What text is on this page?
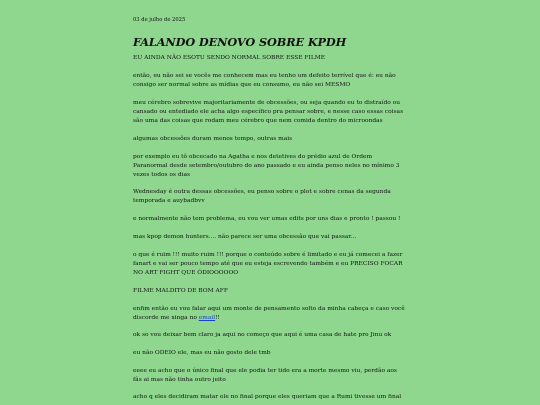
03 de julho de 2025
FALANDO DENOVO SOBRE KPDH

EU AINDA NÃO ESOTU SENDO NORMAL SOBRE ESSE FILME

então, eu não sei se vocês me conhecem mas eu tenho um defeito terrível que é: eu não consigo ser normal sobre as mídias que eu consumo, eu não sei MESMO

meu cérebro sobrevive majoritariamente de obcessões, ou seja quando eu to distraído ou cansado ou entediado ele acha algo específico pra pensar sobre, e nesse caso essas coisas são uma das coisas que rodam meu cérebro que nem comida dentro do microondas

algumas obcessões duram menos tempo, outras mais

por exemplo eu tô obcecado na Agatha e nos detetives do prédio azul de Ordem Paranormal desde setembro/outubro do ano passado e eu ainda penso neles no mínimo 3 vezes todos os dias

Wednesday é outra dessas obcessões, eu penso sobre o plot e sobre cenas da segunda temporada e auybadbvv

e normalmente não tem problema, eu vou ver umas edits por uns dias e pronto ! passou !

mas kpop demon hunters.... não parece ser uma obcessão que vai passar...

o que é ruim !!! muito ruim !!! porque o conteúdo sobre é limitado e eu já comecei a fazer fanart e vai ser pouco tempo até que eu esteja escrevendo também e eu PRECISO FOCAR NO ART FIGHT QUE ÓDIOOOOOO

FILME MALDITO DE BOM AFF

enfim então eu vou falar aqui um monte de pensamento solto da minha cabeça e caso você discorde me xinga no email!!

ok so vou deixar bem claro ja aqui no começo que aqui é uma casa de hate pro Jinu ok

eu não ODEIO ele, mas eu não gosto dele tmb

eeee eu acho que o único final que ele podia ter tido era a morte mesmo viu, perdão aos fãs ai mas não tinha outro jeito

acho q eles decidiram matar ele no final porque eles queriam que a Rumi tivesse um final
